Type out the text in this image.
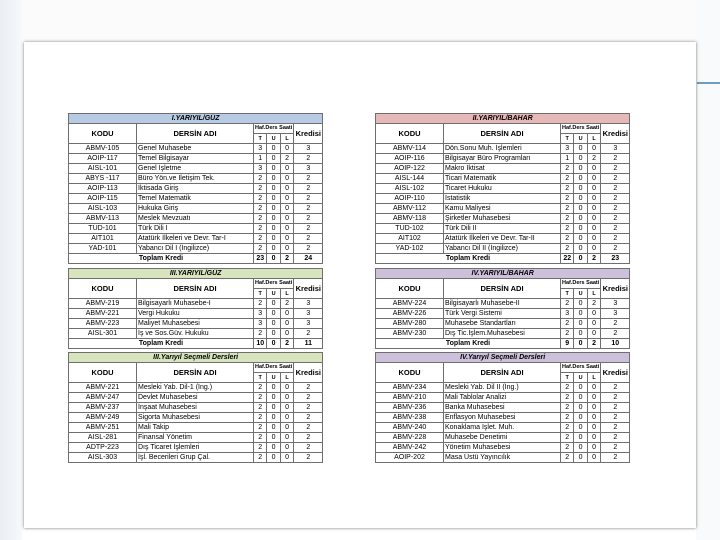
I.YARIYIL/GÜZ					
KODU	DERSİN ADI	Haf.Ders Saati			Kredisi
		T	U	L	
ABMV-105	Genel Muhasebe	3	0	0	3
AOIP-117	Temel Bilgisayar	1	0	2	2
AISL-101	Genel İşletme	3	0	0	3
ABYS -117	Büro Yön.ve İletişim Tek.	2	0	0	2
AOIP-113	İktisada Giriş	2	0	0	2
AOIP-115	Temel Matematik	2	0	0	2
AISL-103	Hukuka Giriş	2	0	0	2
ABMV-113	Meslek Mevzuatı	2	0	0	2
TUD-101	Türk Dili I	2	0	0	2
AIT101	Atatürk İlkeleri ve Devr. Tar-I	2	0	0	2
YAD-101	Yabancı Dil I (İngilizce)	2	0	0	2
Toplam Kredi		23	0	2	24
II.YARIYIL/BAHAR					
KODU	DERSİN ADI	Haf.Ders Saati			Kredisi
		T	U	L	
ABMV-114	Dön.Sonu Muh. İşlemleri	3	0	0	3
AOIP-116	Bilgisayar Büro Programları	1	0	2	2
AOIP-122	Makro İktisat	2	0	0	2
AISL-144	Ticari Matematik	2	0	0	2
AISL-102	Ticaret Hukuku	2	0	0	2
AOIP-110	İstatistik	2	0	0	2
ABMV-112	Kamu Maliyesi	2	0	0	2
ABMV-118	Şirketler Muhasebesi	2	0	0	2
TUD-102	Türk Dili II	2	0	0	2
AIT102	Atatürk İlkeleri ve Devr. Tar-II	2	0	0	2
YAD-102	Yabancı Dil II (İngilizce)	2	0	0	2
Toplam Kredi		22	0	2	23
III.YARIYIL/GÜZ					
KODU	DERSİN ADI	Haf.Ders Saati			Kredisi
		T	U	L	
ABMV-219	Bilgisayarlı Muhasebe-I	2	0	2	3
ABMV-221	Vergi Hukuku	3	0	0	3
ABMV-223	Maliyet Muhasebesi	3	0	0	3
AISL-301	İş ve Sos.Güv. Hukuku	2	0	0	2
Toplam Kredi		10	0	2	11
IV.YARIYIL/BAHAR					
KODU	DERSİN ADI	Haf.Ders Saati			Kredisi
		T	U	L	
ABMV-224	Bilgisayarlı Muhasebe-II	2	0	2	3
ABMV-226	Türk Vergi Sistemi	3	0	0	3
ABMV-280	Muhasebe Standartları	2	0	0	2
ABMV-230	Dış Tic.İşlem.Muhasebesi	2	0	0	2
Toplam Kredi		9	0	2	10
III.Yarıyıl Seçmeli Dersleri					
KODU	DERSİN ADI	Haf.Ders Saati			Kredisi
		T	U	L	
ABMV-221	Mesleki Yab. Dil-1 (İng.)	2	0	0	2
ABMV-247	Devlet Muhasebesi	2	0	0	2
ABMV-237	İnşaat Muhasebesi	2	0	0	2
ABMV-249	Sigorta Muhasebesi	2	0	0	2
ABMV-251	Mali Takip	2	0	0	2
AISL-281	Finansal Yönetim	2	0	0	2
ADTP-223	Dış Ticaret İşlemleri	2	0	0	2
AISL-303	İşl. Becerileri Grup Çal.	2	0	0	2
IV.Yarıyıl Seçmeli Dersleri					
KODU	DERSİN ADI	Haf.Ders Saati			Kredisi
		T	U	L	
ABMV-234	Mesleki Yab. Dil II (İng.)	2	0	0	2
ABMV-210	Mali Tablolar Analizi	2	0	0	2
ABMV-236	Banka Muhasebesi	2	0	0	2
ABMV-238	Enflasyon Muhasebesi	2	0	0	2
ABMV-240	Konaklama İşlet. Muh.	2	0	0	2
ABMV-228	Muhasebe Denetimi	2	0	0	2
ABMV-242	Yönetim Muhasebesi	2	0	0	2
AOIP-202	Masa Üstü Yayıncılık	2	0	0	2
